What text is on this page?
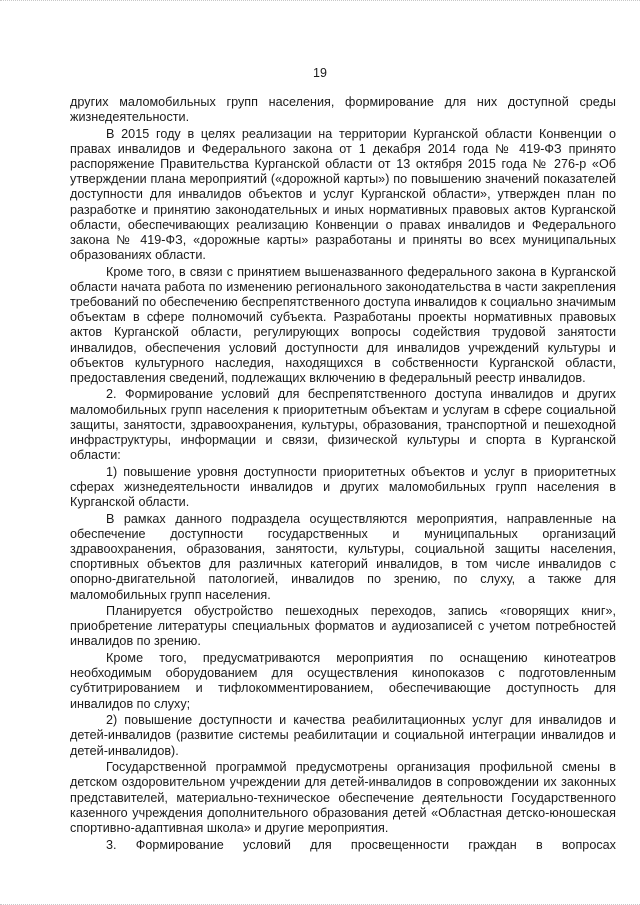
19

других маломобильных групп населения, формирование для них доступной среды жизнедеятельности.

В 2015 году в целях реализации на территории Курганской области Конвенции о правах инвалидов и Федерального закона от 1 декабря 2014 года № 419-ФЗ принято распоряжение Правительства Курганской области от 13 октября 2015 года № 276-р «Об утверждении плана мероприятий («дорожной карты») по повышению значений показателей доступности для инвалидов объектов и услуг Курганской области», утвержден план по разработке и принятию законодательных и иных нормативных правовых актов Курганской области, обеспечивающих реализацию Конвенции о правах инвалидов и Федерального закона № 419-ФЗ, «дорожные карты» разработаны и приняты во всех муниципальных образованиях области.

Кроме того, в связи с принятием вышеназванного федерального закона в Курганской области начата работа по изменению регионального законодательства в части закрепления требований по обеспечению беспрепятственного доступа инвалидов к социально значимым объектам в сфере полномочий субъекта. Разработаны проекты нормативных правовых актов Курганской области, регулирующих вопросы содействия трудовой занятости инвалидов, обеспечения условий доступности для инвалидов учреждений культуры и объектов культурного наследия, находящихся в собственности Курганской области, предоставления сведений, подлежащих включению в федеральный реестр инвалидов.

2. Формирование условий для беспрепятственного доступа инвалидов и других маломобильных групп населения к приоритетным объектам и услугам в сфере социальной защиты, занятости, здравоохранения, культуры, образования, транспортной и пешеходной инфраструктуры, информации и связи, физической культуры и спорта в Курганской области:

1) повышение уровня доступности приоритетных объектов и услуг в приоритетных сферах жизнедеятельности инвалидов и других маломобильных групп населения в Курганской области.

В рамках данного подраздела осуществляются мероприятия, направленные на обеспечение доступности государственных и муниципальных организаций здравоохранения, образования, занятости, культуры, социальной защиты населения, спортивных объектов для различных категорий инвалидов, в том числе инвалидов с опорно-двигательной патологией, инвалидов по зрению, по слуху, а также для маломобильных групп населения.

Планируется обустройство пешеходных переходов, запись «говорящих книг», приобретение литературы специальных форматов и аудиозаписей с учетом потребностей инвалидов по зрению.

Кроме того, предусматриваются мероприятия по оснащению кинотеатров необходимым оборудованием для осуществления кинопоказов с подготовленным субтитрированием и тифлокомментированием, обеспечивающие доступность для инвалидов по слуху;

2) повышение доступности и качества реабилитационных услуг для инвалидов и детей-инвалидов (развитие системы реабилитации и социальной интеграции инвалидов и детей-инвалидов).

Государственной программой предусмотрены организация профильной смены в детском оздоровительном учреждении для детей-инвалидов в сопровождении их законных представителей, материально-техническое обеспечение деятельности Государственного казенного учреждения дополнительного образования детей «Областная детско-юношеская спортивно-адаптивная школа» и другие мероприятия.

3. Формирование условий для просвещенности граждан в вопросах
